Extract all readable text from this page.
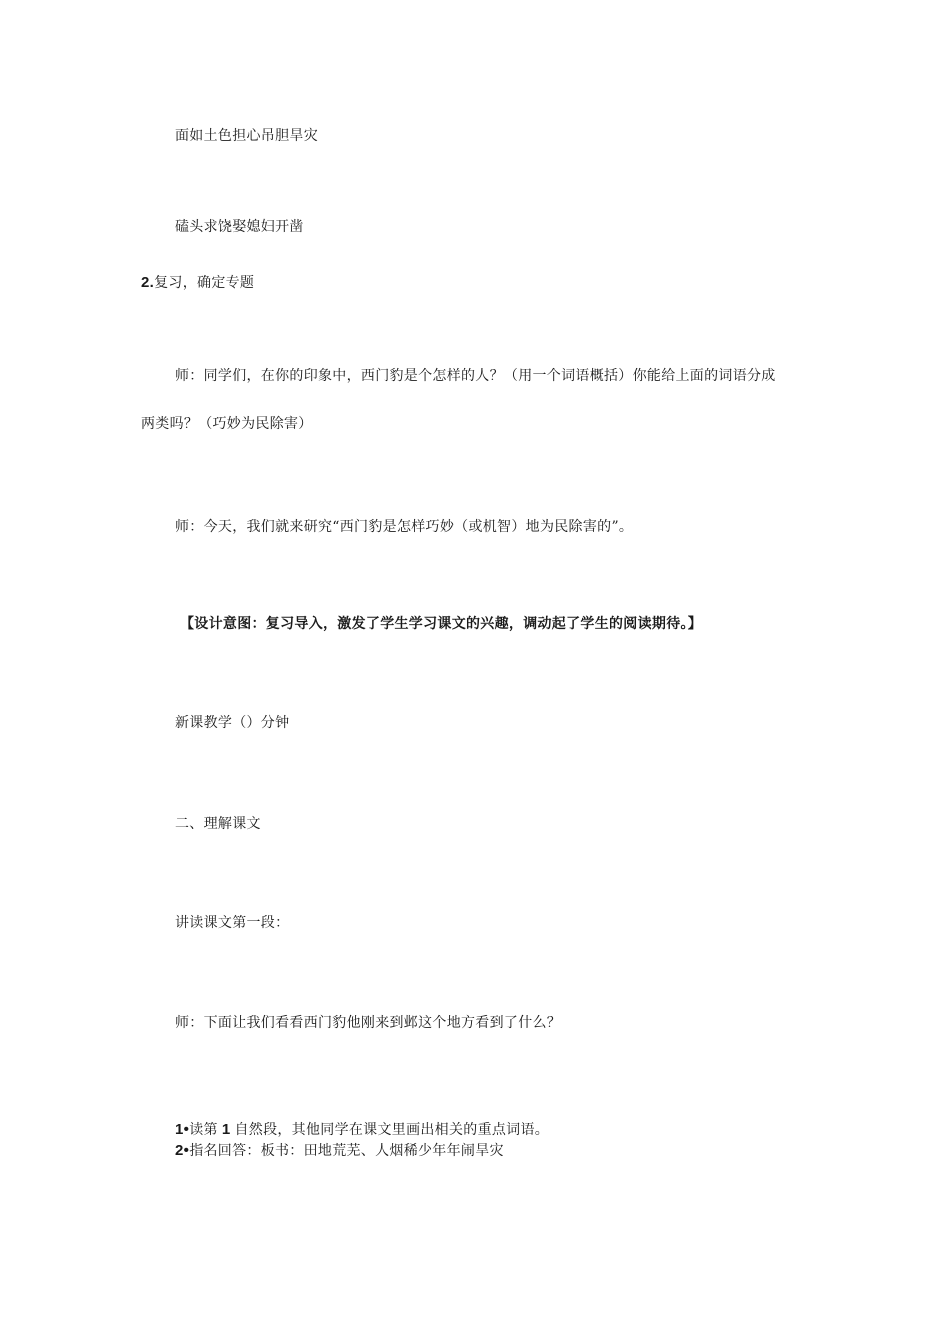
面如土色担心吊胆旱灾
磕头求饶娶媳妇开凿
2.复习，确定专题
师：同学们，在你的印象中，西门豹是个怎样的人？（用一个词语概括）你能给上面的词语分成
两类吗？（巧妙为民除害）
师：今天，我们就来研究“西门豹是怎样巧妙（或机智）地为民除害的”。
【设计意图：复习导入，激发了学生学习课文的兴趣，调动起了学生的阅读期待。】
新课教学（）分钟
二、理解课文
讲读课文第一段：
师：下面让我们看看西门豹他刚来到邺这个地方看到了什么？
1•读第 1 自然段，其他同学在课文里画出相关的重点词语。
2•指名回答：板书：田地荒芜、人烟稀少年年闹旱灾
